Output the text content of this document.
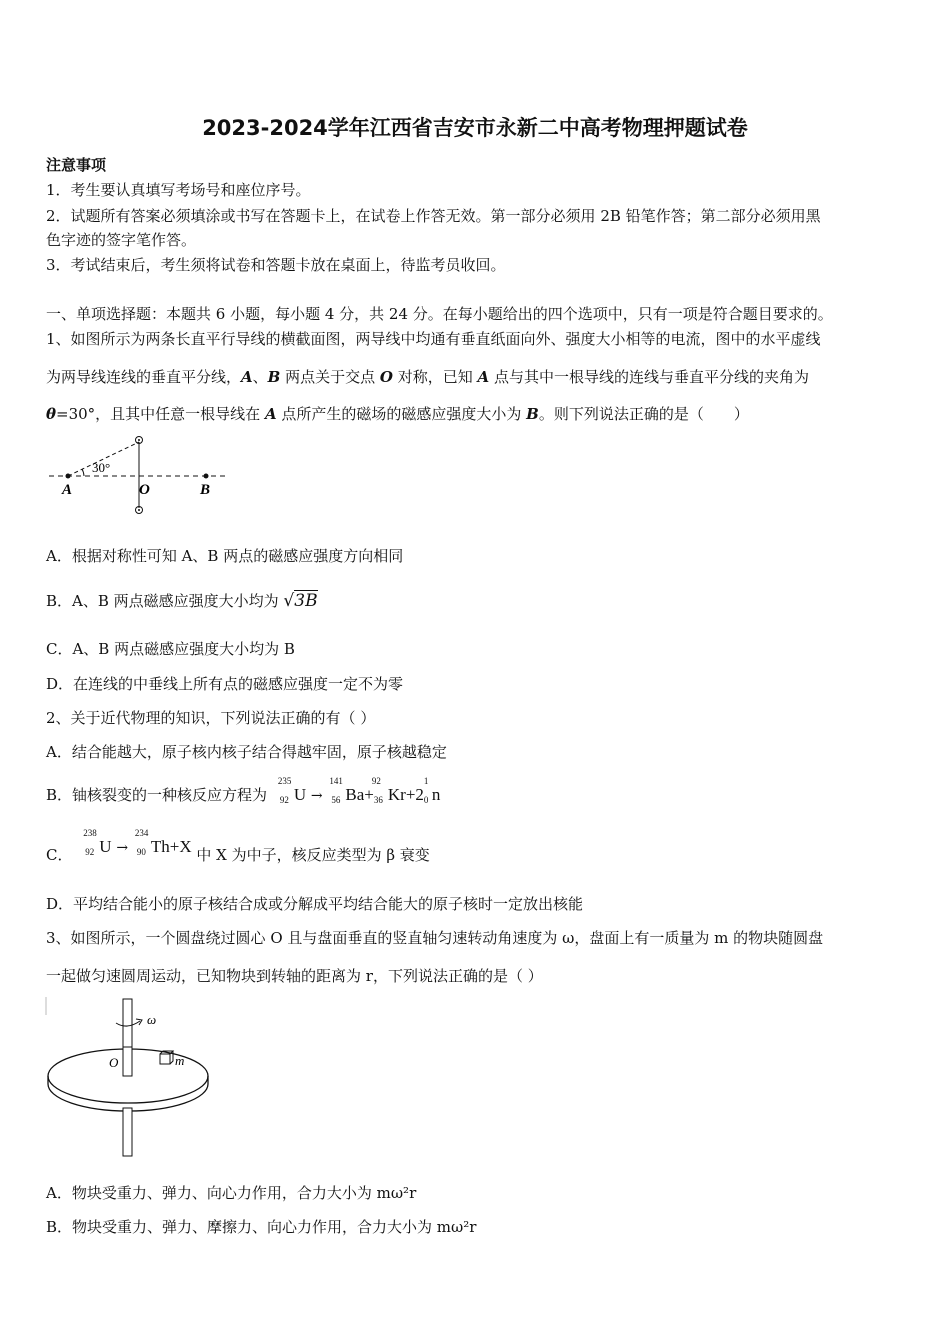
2023-2024学年江西省吉安市永新二中高考物理押题试卷
注意事项
1．考生要认真填写考场号和座位序号。
2．试题所有答案必须填涂或书写在答题卡上，在试卷上作答无效。第一部分必须用 2B 铅笔作答；第二部分必须用黑
色字迹的签字笔作答。
3．考试结束后，考生须将试卷和答题卡放在桌面上，待监考员收回。
一、单项选择题：本题共 6 小题，每小题 4 分，共 24 分。在每小题给出的四个选项中，只有一项是符合题目要求的。
1、如图所示为两条长直平行导线的横截面图，两导线中均通有垂直纸面向外、强度大小相等的电流，图中的水平虚线
为两导线连线的垂直平分线，A、B 两点关于交点 O 对称，已知 A 点与其中一根导线的连线与垂直平分线的夹角为
θ=30°，且其中任意一根导线在 A 点所产生的磁场的磁感应强度大小为 B。则下列说法正确的是（　　）
30°
A	O	B
A．根据对称性可知 A、B 两点的磁感应强度方向相同
B．A、B 两点磁感应强度大小均为 √3B
C．A、B 两点磁感应强度大小均为 B
D．在连线的中垂线上所有点的磁感应强度一定不为零
2、关于近代物理的知识，下列说法正确的有（ ）
A．结合能越大，原子核内核子结合得越牢固，原子核越稳定
B．铀核裂变的一种核反应方程为
235
92 U →
141
56 Ba+
92
36 Kr+2
1
0 n
C．
238
92 U →
234
90 Th+X 中 X 为中子，核反应类型为 β 衰变
D．平均结合能小的原子核结合成或分解成平均结合能大的原子核时一定放出核能
3、如图所示，一个圆盘绕过圆心 O 且与盘面垂直的竖直轴匀速转动角速度为 ω，盘面上有一质量为 m 的物块随圆盘
一起做匀速圆周运动，已知物块到转轴的距离为 r，下列说法正确的是（ ）
ω
O	m
A．物块受重力、弹力、向心力作用，合力大小为 mω²r
B．物块受重力、弹力、摩擦力、向心力作用，合力大小为 mω²r
